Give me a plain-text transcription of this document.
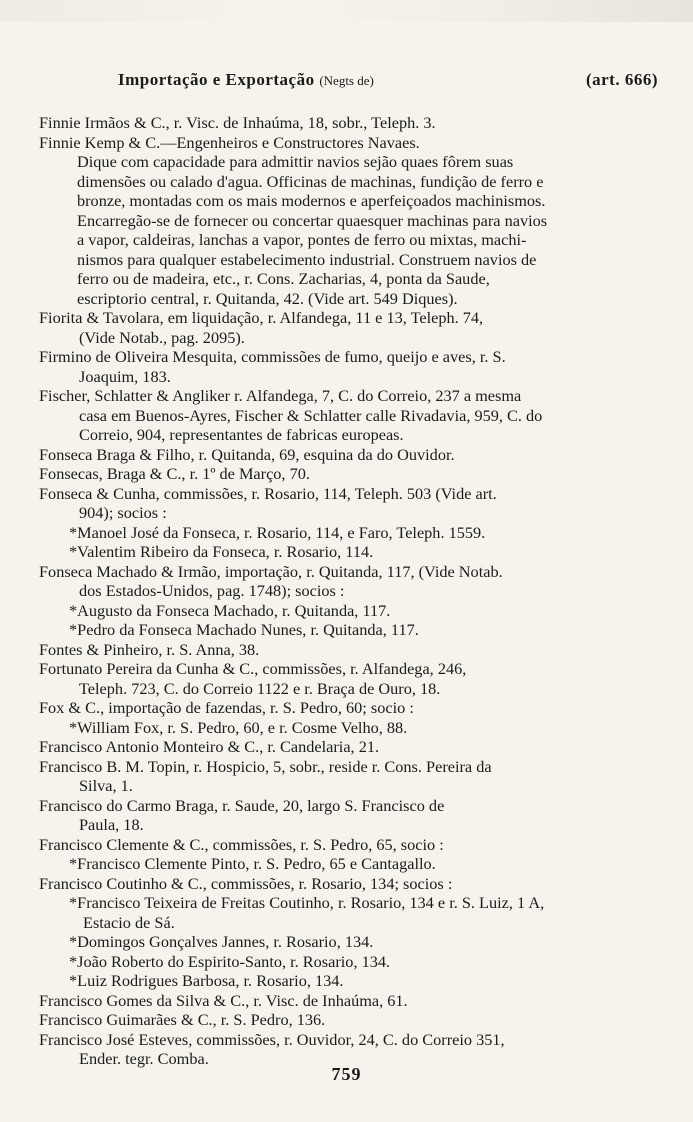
Importação e Exportação (Negts de)	(art. 666)
Finnie Irmãos & C., r. Visc. de Inhaúma, 18, sobr., Teleph. 3.
Finnie Kemp & C.—Engenheiros e Constructores Navaes.
Dique com capacidade para admittir navios sejão quaes fôrem suas
dimensões ou calado d'agua. Officinas de machinas, fundição de ferro e
bronze, montadas com os mais modernos e aperfeiçoados machinismos.
Encarregão-se de fornecer ou concertar quaesquer machinas para navios
a vapor, caldeiras, lanchas a vapor, pontes de ferro ou mixtas, machi-
nismos para qualquer estabelecimento industrial. Construem navios de
ferro ou de madeira, etc., r. Cons. Zacharias, 4, ponta da Saude,
escriptorio central, r. Quitanda, 42. (Vide art. 549 Diques).
Fiorita & Tavolara, em liquidação, r. Alfandega, 11 e 13, Teleph. 74,
(Vide Notab., pag. 2095).
Firmino de Oliveira Mesquita, commissões de fumo, queijo e aves, r. S.
Joaquim, 183.
Fischer, Schlatter & Angliker r. Alfandega, 7, C. do Correio, 237 a mesma
casa em Buenos-Ayres, Fischer & Schlatter calle Rivadavia, 959, C. do
Correio, 904, representantes de fabricas europeas.
Fonseca Braga & Filho, r. Quitanda, 69, esquina da do Ouvidor.
Fonsecas, Braga & C., r. 1º de Março, 70.
Fonseca & Cunha, commissões, r. Rosario, 114, Teleph. 503 (Vide art.
904); socios :
*Manoel José da Fonseca, r. Rosario, 114, e Faro, Teleph. 1559.
*Valentim Ribeiro da Fonseca, r. Rosario, 114.
Fonseca Machado & Irmão, importação, r. Quitanda, 117, (Vide Notab.
dos Estados-Unidos, pag. 1748); socios :
*Augusto da Fonseca Machado, r. Quitanda, 117.
*Pedro da Fonseca Machado Nunes, r. Quitanda, 117.
Fontes & Pinheiro, r. S. Anna, 38.
Fortunato Pereira da Cunha & C., commissões, r. Alfandega, 246,
Teleph. 723, C. do Correio 1122 e r. Braça de Ouro, 18.
Fox & C., importação de fazendas, r. S. Pedro, 60; socio :
*William Fox, r. S. Pedro, 60, e r. Cosme Velho, 88.
Francisco Antonio Monteiro & C., r. Candelaria, 21.
Francisco B. M. Topin, r. Hospicio, 5, sobr., reside r. Cons. Pereira da
Silva, 1.
Francisco do Carmo Braga, r. Saude, 20, largo S. Francisco de
Paula, 18.
Francisco Clemente & C., commissões, r. S. Pedro, 65, socio :
*Francisco Clemente Pinto, r. S. Pedro, 65 e Cantagallo.
Francisco Coutinho & C., commissões, r. Rosario, 134; socios :
*Francisco Teixeira de Freitas Coutinho, r. Rosario, 134 e r. S. Luiz, 1 A,
Estacio de Sá.
*Domingos Gonçalves Jannes, r. Rosario, 134.
*João Roberto do Espirito-Santo, r. Rosario, 134.
*Luiz Rodrigues Barbosa, r. Rosario, 134.
Francisco Gomes da Silva & C., r. Visc. de Inhaúma, 61.
Francisco Guimarães & C., r. S. Pedro, 136.
Francisco José Esteves, commissões, r. Ouvidor, 24, C. do Correio 351,
Ender. tegr. Comba.
759
